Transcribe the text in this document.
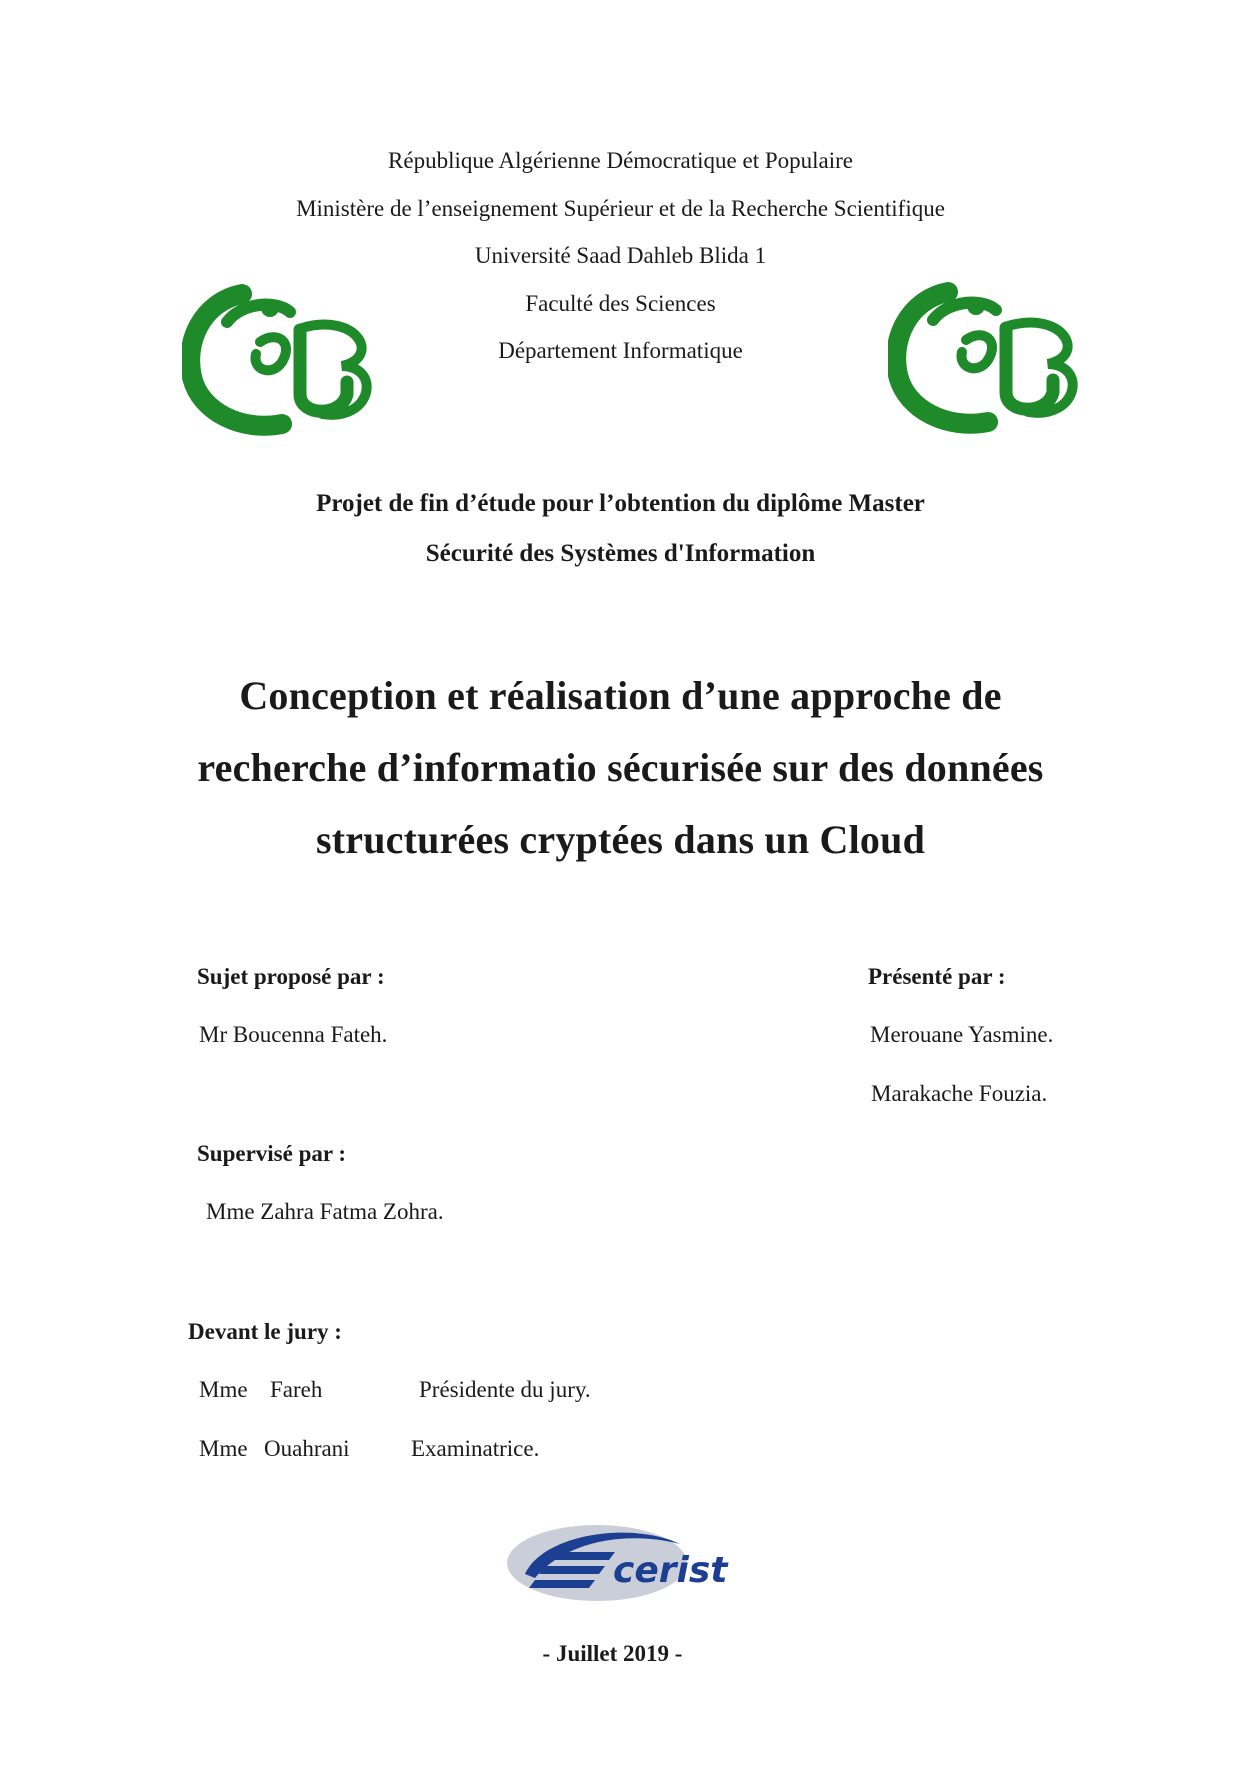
République Algérienne Démocratique et Populaire
Ministère de l’enseignement Supérieur et de la Recherche Scientifique
Université Saad Dahleb Blida 1
Faculté des Sciences
Département Informatique
Projet de fin d’étude pour l’obtention du diplôme Master
Sécurité des Systèmes d'Information
Conception et réalisation d’une approche de
recherche d’informatio sécurisée sur des données
structurées cryptées dans un Cloud
Sujet proposé par :
Mr Boucenna Fateh.
Présenté par :
Merouane Yasmine.
Marakache Fouzia.
Supervisé par :
Mme Zahra Fatma Zohra.
Devant le jury :
Mme Fareh	Présidente du jury.
Mme Ouahrani	Examinatrice.
cerist
- Juillet 2019 -
